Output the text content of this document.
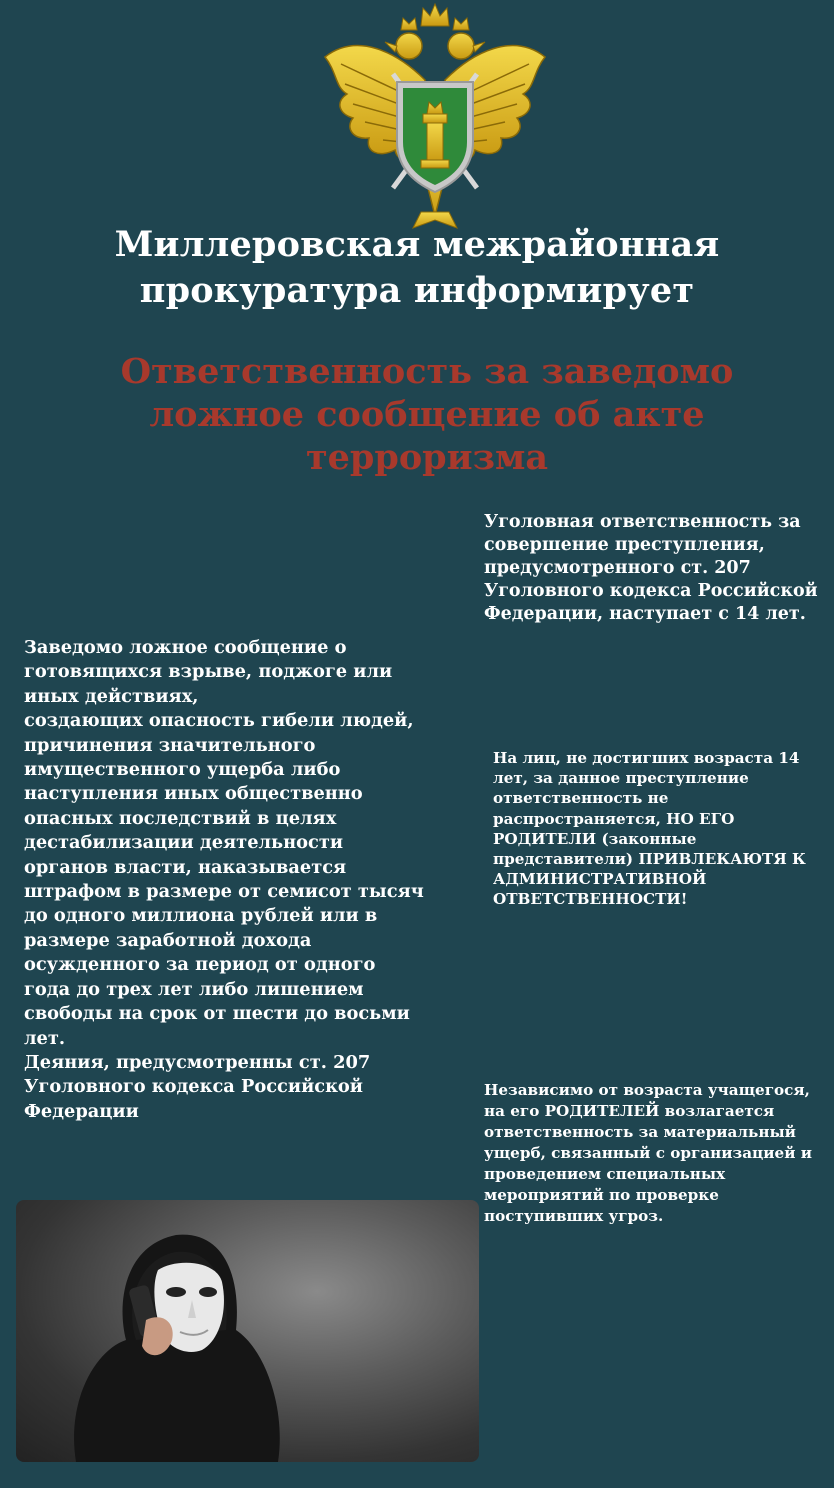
Миллеровская межрайонная
прокуратура информирует
Ответственность за заведомо
ложное сообщение об акте
терроризма
Уголовная ответственность за
совершение преступления,
предусмотренного ст. 207
Уголовного кодекса Российской
Федерации, наступает с 14 лет.
Заведомо ложное сообщение о
готовящихся взрыве, поджоге или
иных действиях,
создающих опасность гибели людей,
причинения значительного
имущественного ущерба либо
наступления иных общественно
опасных последствий в целях
дестабилизации деятельности
органов власти, наказывается
штрафом в размере от семисот тысяч
до одного миллиона рублей или в
размере заработной дохода
осужденного за период от одного
года до трех лет либо лишением
свободы на срок от шести до восьми
лет.
Деяния, предусмотренны ст. 207
Уголовного кодекса Российской
Федерации
На лиц, не достигших возраста 14
лет, за данное преступление
ответственность не
распространяется, НО ЕГО
РОДИТЕЛИ (законные
представители) ПРИВЛЕКАЮТЯ К
АДМИНИСТРАТИВНОЙ
ОТВЕТСТВЕННОСТИ!
Независимо от возраста учащегося,
на его РОДИТЕЛЕЙ возлагается
ответственность за материальный
ущерб, связанный с организацией и
проведением специальных
мероприятий по проверке
поступивших угроз.
